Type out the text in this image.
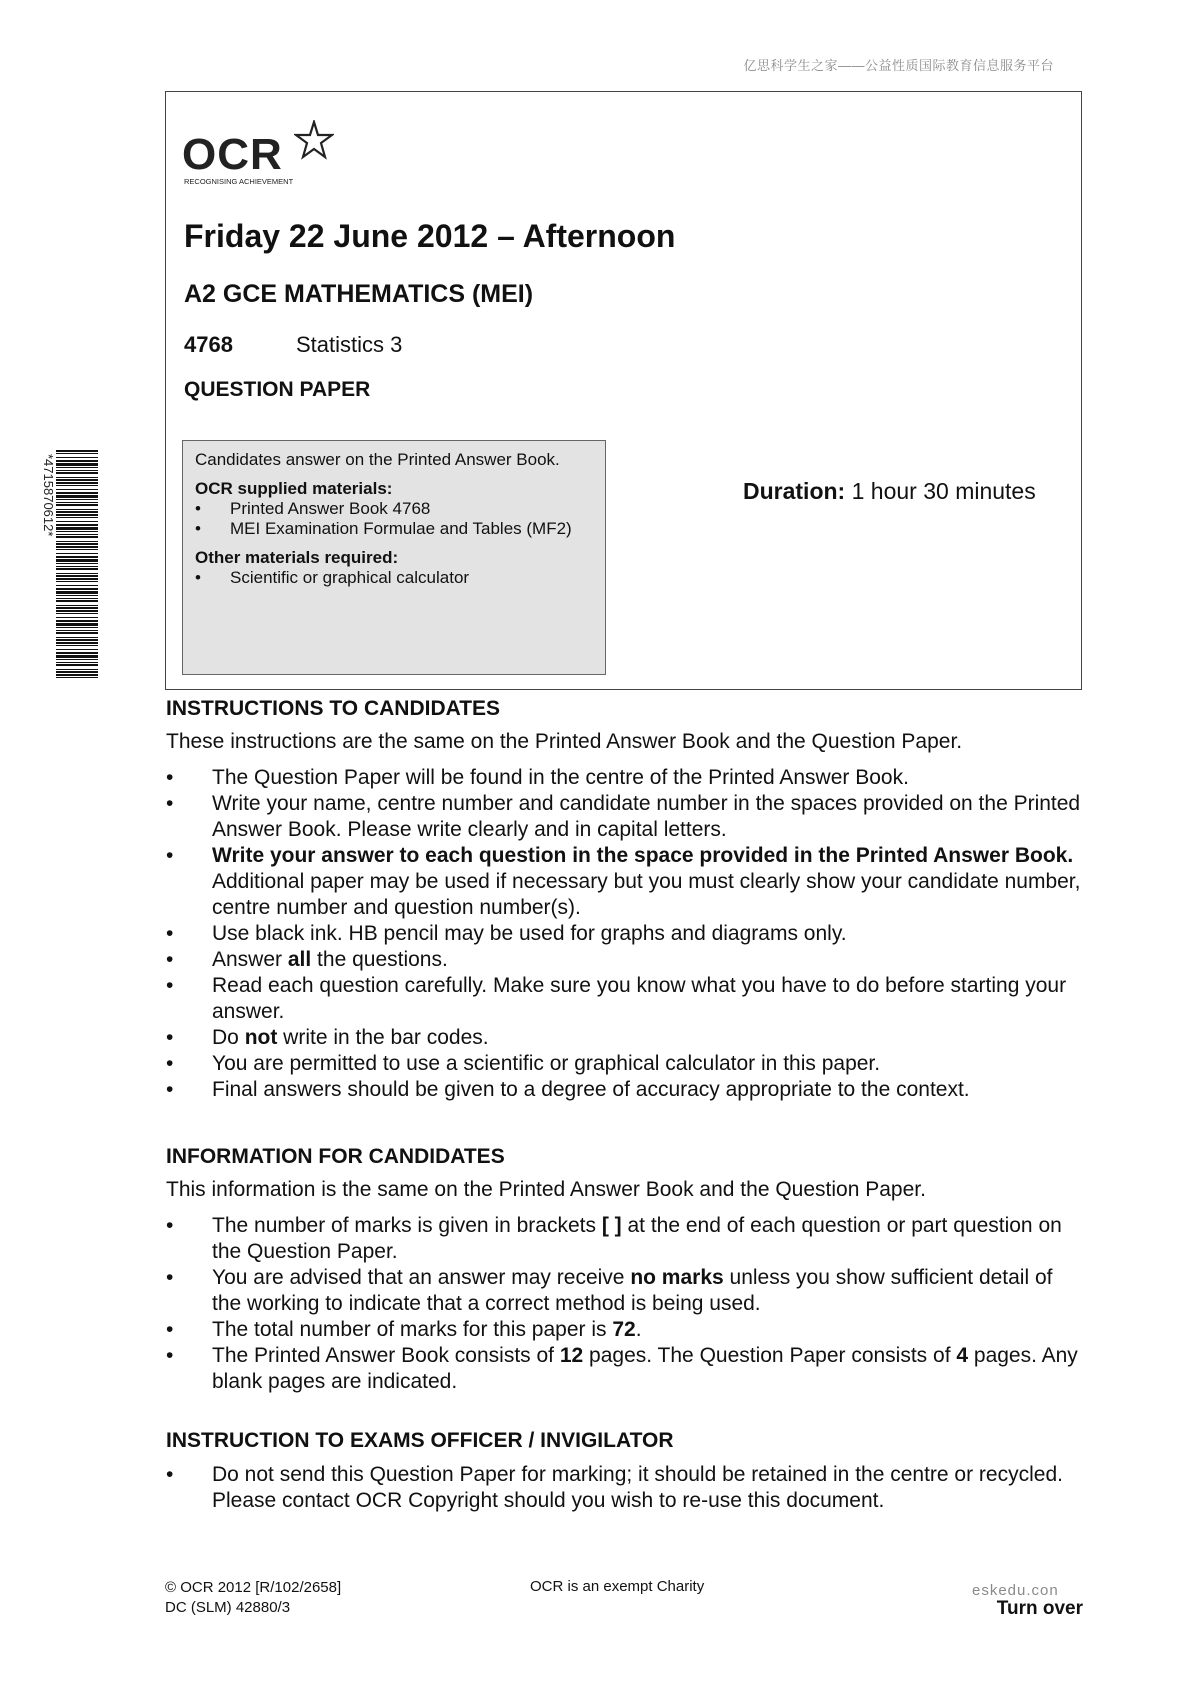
亿思科学生之家——公益性质国际教育信息服务平台
*4715870612*
OCR
RECOGNISING ACHIEVEMENT
Friday 22 June 2012 – Afternoon
A2 GCE MATHEMATICS (MEI)
4768	Statistics 3
QUESTION PAPER
Candidates answer on the Printed Answer Book.
OCR supplied materials:
•	Printed Answer Book 4768
•	MEI Examination Formulae and Tables (MF2)
Other materials required:
•	Scientific or graphical calculator
Duration: 1 hour 30 minutes
INSTRUCTIONS TO CANDIDATES
These instructions are the same on the Printed Answer Book and the Question Paper.
•	The Question Paper will be found in the centre of the Printed Answer Book.
•	Write your name, centre number and candidate number in the spaces provided on the Printed Answer Book. Please write clearly and in capital letters.
•	Write your answer to each question in the space provided in the Printed Answer Book. Additional paper may be used if necessary but you must clearly show your candidate number, centre number and question number(s).
•	Use black ink. HB pencil may be used for graphs and diagrams only.
•	Answer all the questions.
•	Read each question carefully. Make sure you know what you have to do before starting your answer.
•	Do not write in the bar codes.
•	You are permitted to use a scientific or graphical calculator in this paper.
•	Final answers should be given to a degree of accuracy appropriate to the context.
INFORMATION FOR CANDIDATES
This information is the same on the Printed Answer Book and the Question Paper.
•	The number of marks is given in brackets [ ] at the end of each question or part question on the Question Paper.
•	You are advised that an answer may receive no marks unless you show sufficient detail of the working to indicate that a correct method is being used.
•	The total number of marks for this paper is 72.
•	The Printed Answer Book consists of 12 pages. The Question Paper consists of 4 pages. Any blank pages are indicated.
INSTRUCTION TO EXAMS OFFICER / INVIGILATOR
•	Do not send this Question Paper for marking; it should be retained in the centre or recycled. Please contact OCR Copyright should you wish to re-use this document.
© OCR 2012 [R/102/2658]
DC (SLM) 42880/3
OCR is an exempt Charity	eskedu.con
Turn over
